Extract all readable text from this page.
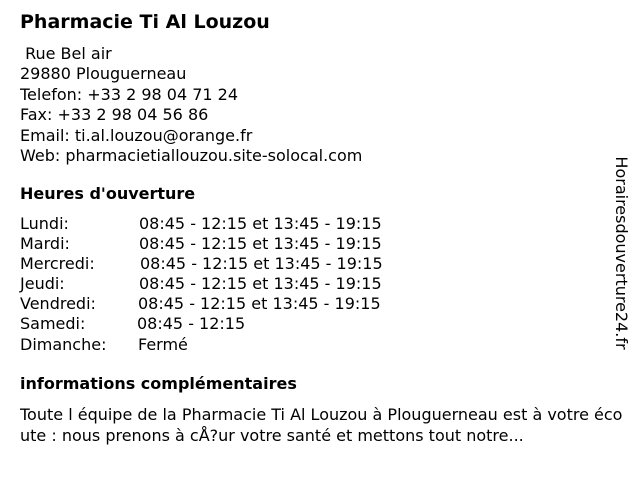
Pharmacie Ti Al Louzou
Rue Bel air
29880 Plouguerneau
Telefon: +33 2 98 04 71 24
Fax: +33 2 98 04 56 86
Email: ti.al.louzou@orange.fr
Web: pharmacietiallouzou.site-solocal.com
Heures d'ouverture
Lundi:	08:45 - 12:15 et 13:45 - 19:15
Mardi:	08:45 - 12:15 et 13:45 - 19:15
Mercredi:	08:45 - 12:15 et 13:45 - 19:15
Jeudi:	08:45 - 12:15 et 13:45 - 19:15
Vendredi:	08:45 - 12:15 et 13:45 - 19:15
Samedi:	08:45 - 12:15
Dimanche: Fermé
informations complémentaires
Toute l équipe de la Pharmacie Ti Al Louzou à Plouguerneau est à votre écoute : nous prenons à cÅ?ur votre santé et mettons tout notre...
Horairesdouverture24.fr
